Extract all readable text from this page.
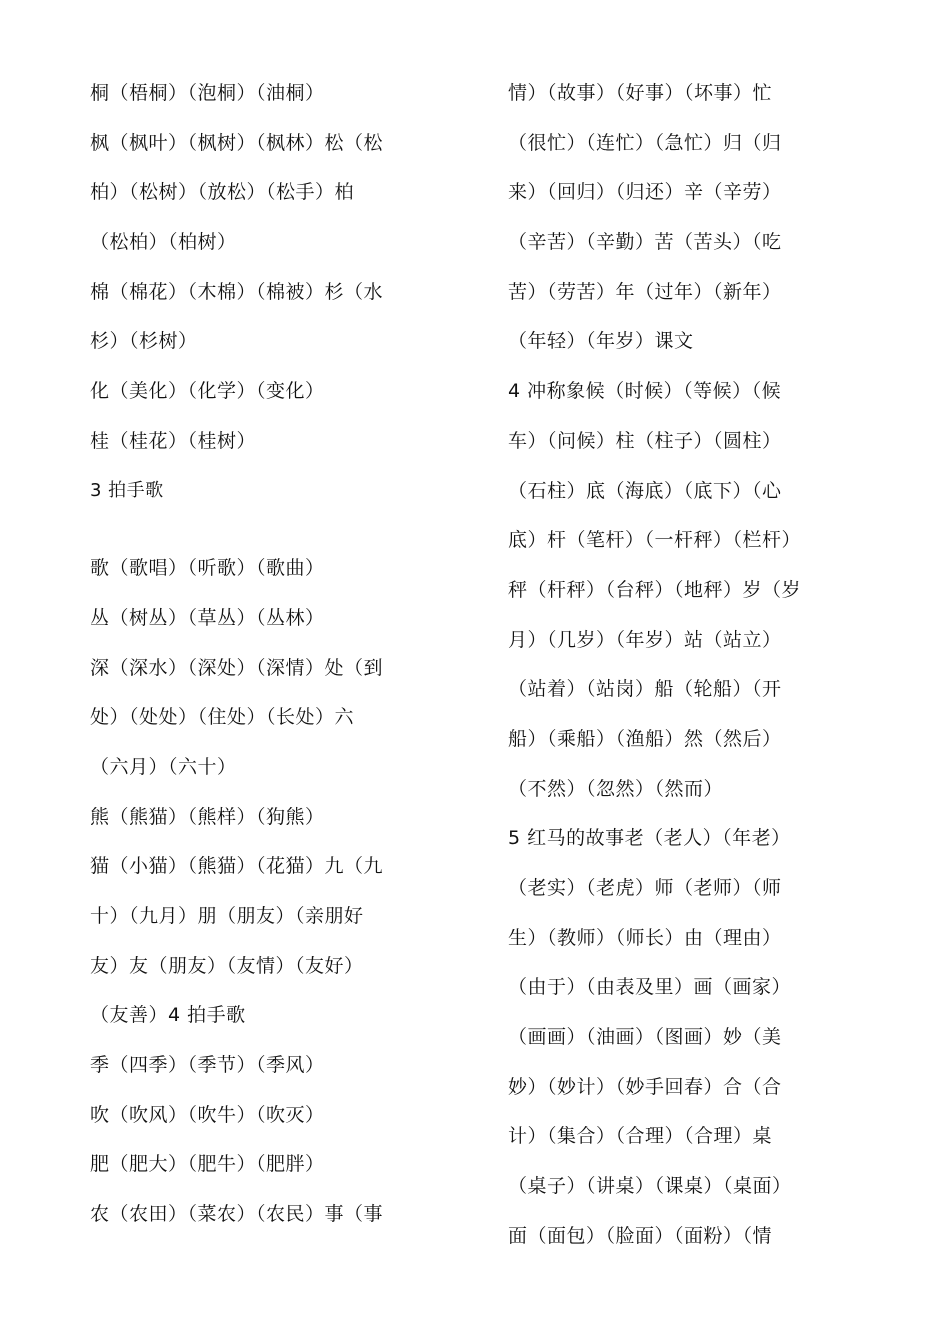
桐（梧桐）（泡桐）（油桐）
枫（枫叶）（枫树）（枫林）松（松
柏）（松树）（放松）（松手）柏
（松柏）（柏树）
棉（棉花）（木棉）（棉被）杉（水
杉）（杉树）
化（美化）（化学）（变化）
桂（桂花）（桂树）
3 拍手歌
歌（歌唱）（听歌）（歌曲）
丛（树丛）（草丛）（丛林）
深（深水）（深处）（深情）处（到
处）（处处）（住处）（长处）六
（六月）（六十）
熊（熊猫）（熊样）（狗熊）
猫（小猫）（熊猫）（花猫）九（九
十）（九月）朋（朋友）（亲朋好
友）友（朋友）（友情）（友好）
（友善）4 拍手歌
季（四季）（季节）（季风）
吹（吹风）（吹牛）（吹灭）
肥（肥大）（肥牛）（肥胖）
农（农田）（菜农）（农民）事（事
情）（故事）（好事）（坏事）忙
（很忙）（连忙）（急忙）归（归
来）（回归）（归还）辛（辛劳）
（辛苦）（辛勤）苦（苦头）（吃
苦）（劳苦）年（过年）（新年）
（年轻）（年岁）课文
4 冲称象候（时候）（等候）（候
车）（问候）柱（柱子）（圆柱）
（石柱）底（海底）（底下）（心
底）杆（笔杆）（一杆秤）（栏杆）
秤（杆秤）（台秤）（地秤）岁（岁
月）（几岁）（年岁）站（站立）
（站着）（站岗）船（轮船）（开
船）（乘船）（渔船）然（然后）
（不然）（忽然）（然而）
5 红马的故事老（老人）（年老）
（老实）（老虎）师（老师）（师
生）（教师）（师长）由（理由）
（由于）（由表及里）画（画家）
（画画）（油画）（图画）妙（美
妙）（妙计）（妙手回春）合（合
计）（集合）（合理）（合理）桌
（桌子）（讲桌）（课桌）（桌面）
面（面包）（脸面）（面粉）（情
